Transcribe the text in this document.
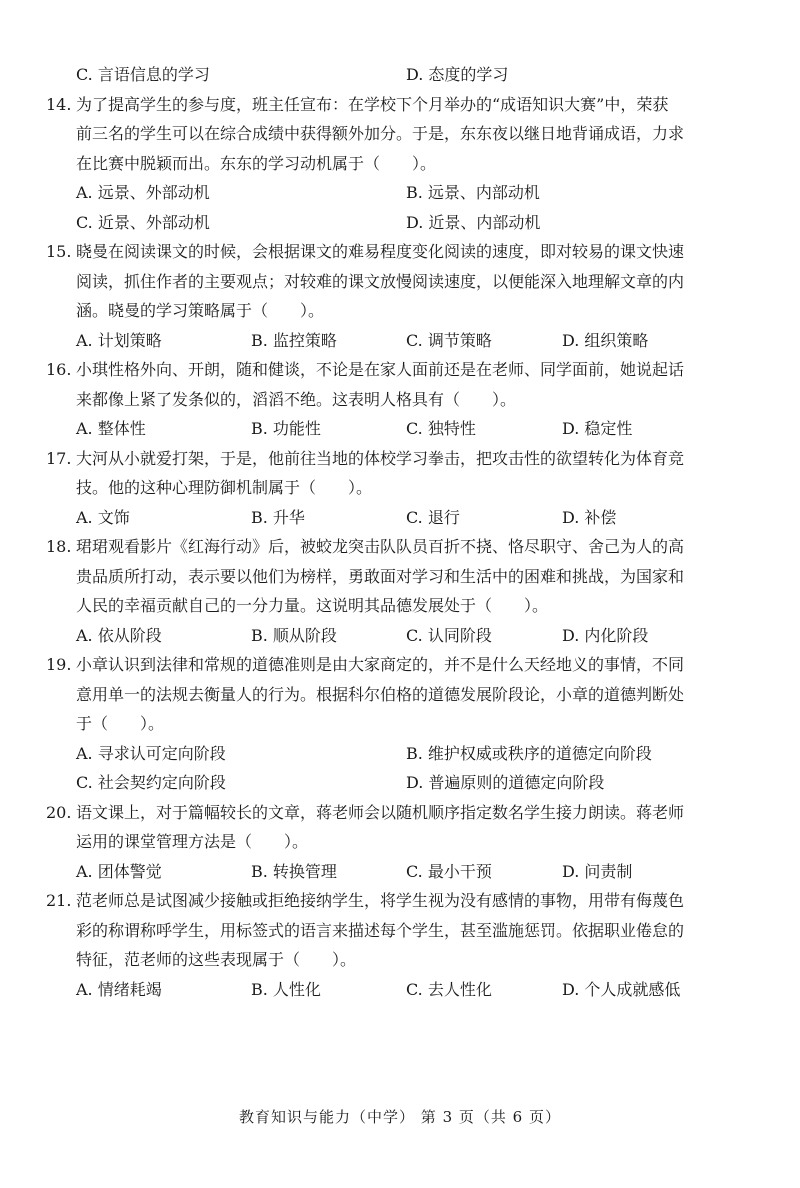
C. 言语信息的学习	D. 态度的学习
14. 为了提高学生的参与度，班主任宣布：在学校下个月举办的“成语知识大赛”中，荣获
前三名的学生可以在综合成绩中获得额外加分。于是，东东夜以继日地背诵成语，力求
在比赛中脱颖而出。东东的学习动机属于（　　）。
A. 远景、外部动机	B. 远景、内部动机
C. 近景、外部动机	D. 近景、内部动机
15. 晓曼在阅读课文的时候，会根据课文的难易程度变化阅读的速度，即对较易的课文快速
阅读，抓住作者的主要观点；对较难的课文放慢阅读速度，以便能深入地理解文章的内
涵。晓曼的学习策略属于（　　）。
A. 计划策略	B. 监控策略	C. 调节策略	D. 组织策略
16. 小琪性格外向、开朗，随和健谈，不论是在家人面前还是在老师、同学面前，她说起话
来都像上紧了发条似的，滔滔不绝。这表明人格具有（　　）。
A. 整体性	B. 功能性	C. 独特性	D. 稳定性
17. 大河从小就爱打架，于是，他前往当地的体校学习拳击，把攻击性的欲望转化为体育竞
技。他的这种心理防御机制属于（　　）。
A. 文饰	B. 升华	C. 退行	D. 补偿
18. 珺珺观看影片《红海行动》后，被蛟龙突击队队员百折不挠、恪尽职守、舍己为人的高
贵品质所打动，表示要以他们为榜样，勇敢面对学习和生活中的困难和挑战，为国家和
人民的幸福贡献自己的一分力量。这说明其品德发展处于（　　）。
A. 依从阶段	B. 顺从阶段	C. 认同阶段	D. 内化阶段
19. 小章认识到法律和常规的道德准则是由大家商定的，并不是什么天经地义的事情，不同
意用单一的法规去衡量人的行为。根据科尔伯格的道德发展阶段论，小章的道德判断处
于（　　）。
A. 寻求认可定向阶段	B. 维护权威或秩序的道德定向阶段
C. 社会契约定向阶段	D. 普遍原则的道德定向阶段
20. 语文课上，对于篇幅较长的文章，蒋老师会以随机顺序指定数名学生接力朗读。蒋老师
运用的课堂管理方法是（　　）。
A. 团体警觉	B. 转换管理	C. 最小干预	D. 问责制
21. 范老师总是试图减少接触或拒绝接纳学生，将学生视为没有感情的事物，用带有侮蔑色
彩的称谓称呼学生，用标签式的语言来描述每个学生，甚至滥施惩罚。依据职业倦怠的
特征，范老师的这些表现属于（　　）。
A. 情绪耗竭	B. 人性化	C. 去人性化	D. 个人成就感低
教育知识与能力（中学） 第 3 页（共 6 页）
